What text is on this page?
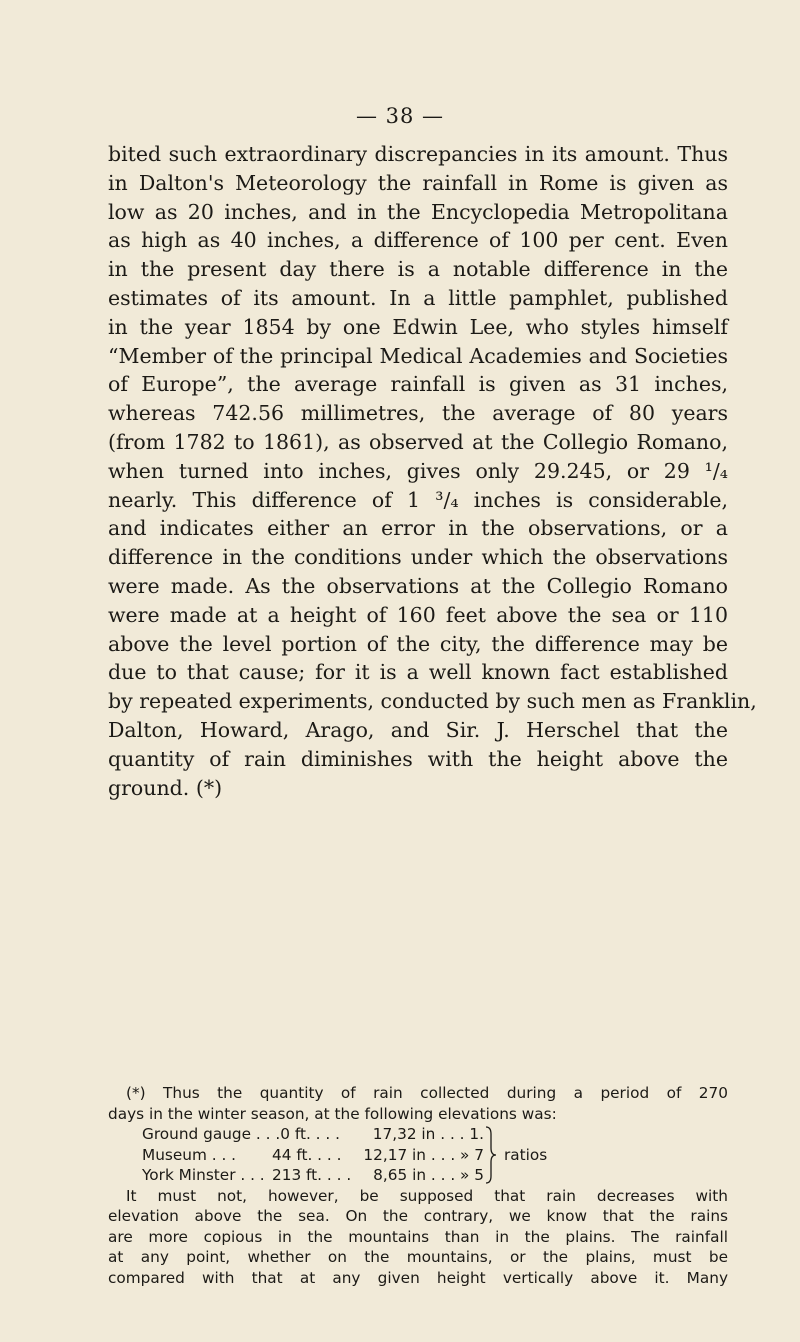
— 38 —
bited such extraordinary discrepancies in its amount. Thus
in Dalton's Meteorology the rainfall in Rome is given as
low as 20 inches, and in the Encyclopedia Metropolitana
as high as 40 inches, a difference of 100 per cent. Even
in the present day there is a notable difference in the
estimates of its amount. In a little pamphlet, published
in the year 1854 by one Edwin Lee, who styles himself
“Member of the principal Medical Academies and Societies
of Europe”, the average rainfall is given as 31 inches,
whereas 742.56 millimetres, the average of 80 years
(from 1782 to 1861), as observed at the Collegio Romano,
when turned into inches, gives only 29.245, or 29 ¹/₄
nearly. This difference of 1 ³/₄ inches is considerable,
and indicates either an error in the observations, or a
difference in the conditions under which the observations
were made. As the observations at the Collegio Romano
were made at a height of 160 feet above the sea or 110
above the level portion of the city, the difference may be
due to that cause; for it is a well known fact established
by repeated experiments, conducted by such men as Franklin,
Dalton, Howard, Arago, and Sir. J. Herschel that the
quantity of rain diminishes with the height above the
ground. (*)
(*) Thus the quantity of rain collected during a period of 270
days in the winter season, at the following elevations was:
Ground gauge . . . 0 ft. . . .	17,32 in . . . 1.
Museum . . .	44 ft. . . .	12,17 in . . . » 7
York Minster . . . 213 ft. . . .	8,65 in . . . » 5
ratios
It must not, however, be supposed that rain decreases with
elevation above the sea. On the contrary, we know that the rains
are more copious in the mountains than in the plains. The rainfall
at any point, whether on the mountains, or the plains, must be
compared with that at any given height vertically above it. Many
